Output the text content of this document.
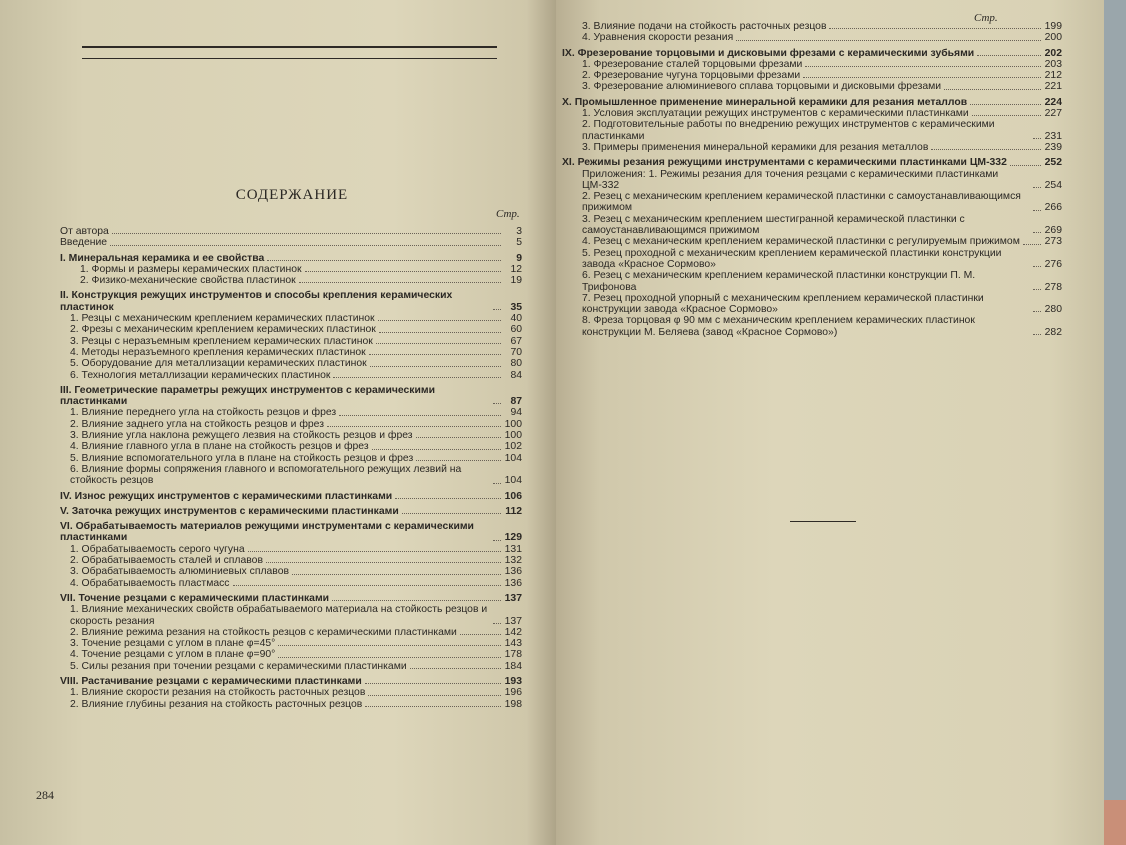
СОДЕРЖАНИЕ
Стр.
От автора	3
Введение	5
I. Минеральная керамика и ее свойства	9
1. Формы и размеры керамических пластинок	12
2. Физико-механические свойства пластинок	19
II. Конструкция режущих инструментов и способы крепления керамических пластинок	35
1. Резцы с механическим креплением керамических пластинок	40
2. Фрезы с механическим креплением керамических пластинок	60
3. Резцы с неразъемным креплением керамических пластинок	67
4. Методы неразъемного крепления керамических пластинок	70
5. Оборудование для металлизации керамических пластинок	80
6. Технология металлизации керамических пластинок	84
III. Геометрические параметры режущих инструментов с керамическими пластинками	87
1. Влияние переднего угла на стойкость резцов и фрез	94
2. Влияние заднего угла на стойкость резцов и фрез	100
3. Влияние угла наклона режущего лезвия на стойкость резцов и фрез	100
4. Влияние главного угла в плане на стойкость резцов и фрез	102
5. Влияние вспомогательного угла в плане на стойкость резцов и фрез	104
6. Влияние формы сопряжения главного и вспомогательного режущих лезвий на стойкость резцов	104
IV. Износ режущих инструментов с керамическими пластинками	106
V. Заточка режущих инструментов с керамическими пластинками	112
VI. Обрабатываемость материалов режущими инструментами с керамическими пластинками	129
1. Обрабатываемость серого чугуна	131
2. Обрабатываемость сталей и сплавов	132
3. Обрабатываемость алюминиевых сплавов	136
4. Обрабатываемость пластмасс	136
VII. Точение резцами с керамическими пластинками	137
1. Влияние механических свойств обрабатываемого материала на стойкость резцов и скорость резания	137
2. Влияние режима резания на стойкость резцов с керамическими пластинками	142
3. Точение резцами с углом в плане φ=45°	143
4. Точение резцами с углом в плане φ=90°	178
5. Силы резания при точении резцами с керамическими пластинками	184
VIII. Растачивание резцами с керамическими пластинками	193
1. Влияние скорости резания на стойкость расточных резцов	196
2. Влияние глубины резания на стойкость расточных резцов	198
284
Стр.
3. Влияние подачи на стойкость расточных резцов	199
4. Уравнения скорости резания	200
IX. Фрезерование торцовыми и дисковыми фрезами с керамическими зубьями	202
1. Фрезерование сталей торцовыми фрезами	203
2. Фрезерование чугуна торцовыми фрезами	212
3. Фрезерование алюминиевого сплава торцовыми и дисковыми фрезами	221
X. Промышленное применение минеральной керамики для резания металлов	224
1. Условия эксплуатации режущих инструментов с керамическими пластинками	227
2. Подготовительные работы по внедрению режущих инструментов с керамическими пластинками	231
3. Примеры применения минеральной керамики для резания металлов	239
XI. Режимы резания режущими инструментами с керамическими пластинками ЦМ-332	252
Приложения: 1. Режимы резания для точения резцами с керамическими пластинками ЦМ-332	254
2. Резец с механическим креплением керамической пластинки с самоустанавливающимся прижимом	266
3. Резец с механическим креплением шестигранной керамической пластинки с самоустанавливающимся прижимом	269
4. Резец с механическим креплением керамической пластинки с регулируемым прижимом 273
5. Резец проходной с механическим креплением керамической пластинки конструкции завода «Красное Сормово»	276
6. Резец с механическим креплением керамической пластинки конструкции П. М. Трифонова	278
7. Резец проходной упорный с механическим креплением керамической пластинки конструкции завода «Красное Сормово»	280
8. Фреза торцовая φ 90 мм с механическим креплением керамических пластинок конструкции М. Беляева (завод «Красное Сормово»)	282
